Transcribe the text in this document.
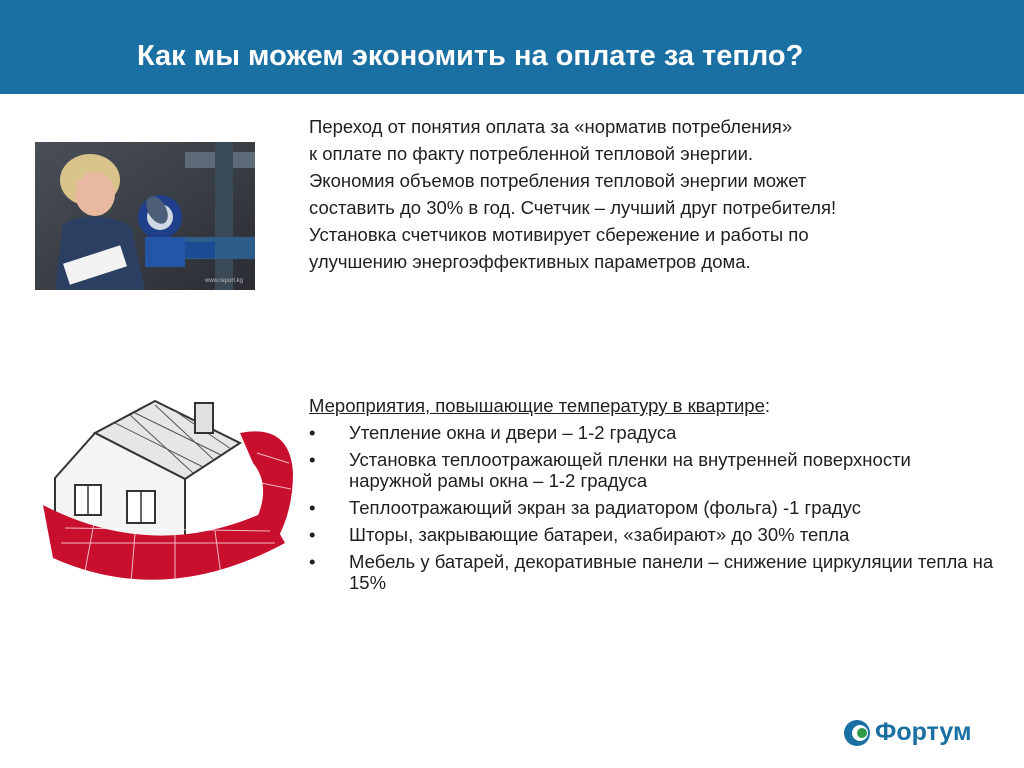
Как мы можем экономить на оплате за тепло?
www.report.kg
Переход от понятия оплата за «норматив потребления»
к оплате по факту потребленной тепловой энергии.
Экономия объемов потребления тепловой энергии может
составить до 30% в год. Счетчик – лучший друг потребителя!
Установка счетчиков мотивирует сбережение и работы по
улучшению энергоэффективных параметров дома.
Мероприятия, повышающие температуру в квартире:
• Утепление окна и двери – 1-2 градуса
• Установка теплоотражающей пленки на внутренней поверхности наружной рамы окна – 1-2 градуса
• Теплоотражающий экран за радиатором (фольга) -1 градус
• Шторы, закрывающие батареи, «забирают» до 30% тепла
• Мебель у батарей, декоративные панели – снижение циркуляции тепла на 15%
Фортум
